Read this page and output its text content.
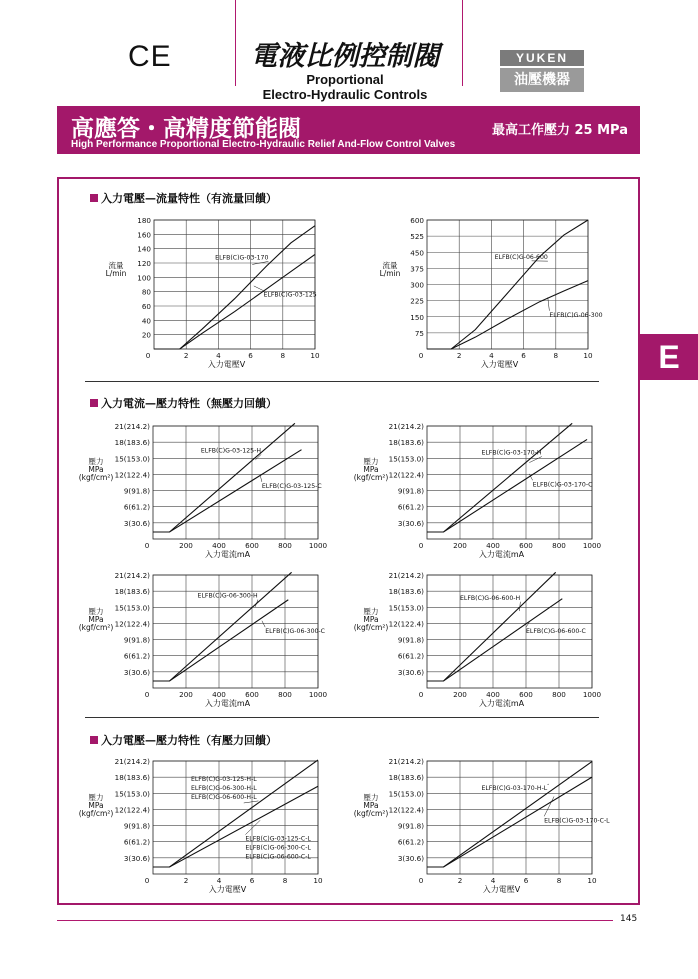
CE	電液比例控制閥
Proportional
Electro-Hydraulic Controls
YUKEN
油壓機器
高應答・高精度節能閥	最高工作壓力 25 MPa
High Performance Proportional Electro-Hydraulic Relief And-Flow Control Valves
E
入力電壓—流量特性（有流量回饋）
入力電流—壓力特性（無壓力回饋）
入力電壓—壓力特性（有壓力回饋）
20
40
60
80
100
120
140
160
180
2	4	6	8	10
0
入力電壓V
流量
L/min
ELFB(C)G-03-170
ELFB(C)G-03-125
75
150
225
300
375
450
525
600
2	4	6	8	10
0
入力電壓V
流量
L/min
ELFB(C)G-06-600
ELFB(C)G-06-300
3(30.6)
6(61.2)
9(91.8)
12(122.4)
15(153.0)
18(183.6)
21(214.2)
200	400	600	800 1000
0
入力電流mA
壓力
MPa
(kgf/cm²)
ELFB(C)G-03-125-H
ELFB(C)G-03-125-C
3(30.6)
6(61.2)
9(91.8)
12(122.4)
15(153.0)
18(183.6)
21(214.2)
200	400	600	800 1000
0
入力電流mA
壓力
MPa
(kgf/cm²)
ELFB(C)G-03-170-H
ELFB(C)G-03-170-C
3(30.6)
6(61.2)
9(91.8)
12(122.4)
15(153.0)
18(183.6)
21(214.2)
200	400	600	800 1000
0
入力電流mA
壓力
MPa
(kgf/cm²)
ELFB(C)G-06-300-H
ELFB(C)G-06-300-C
3(30.6)
6(61.2)
9(91.8)
12(122.4)
15(153.0)
18(183.6)
21(214.2)
200	400	600	800 1000
0
入力電流mA
壓力
MPa
(kgf/cm²)
ELFB(C)G-06-600-H
ELFB(C)G-06-600-C
3(30.6)
6(61.2)
9(91.8)
12(122.4)
15(153.0)
18(183.6)
21(214.2)
2	4	6	8	10
0
入力電壓V
壓力
MPa
(kgf/cm²)
ELFB(C)G-03-125-H-L
ELFB(C)G-06-300-H-L
ELFB(C)G-06-600-H-L
ELFB(C)G-03-125-C-L
ELFB(C)G-06-300-C-L
ELFB(C)G-06-600-C-L	3(30.6)
6(61.2)
9(91.8)
12(122.4)
15(153.0)
18(183.6)
21(214.2)
2	4	6	8	10
0
入力電壓V
壓力
MPa
(kgf/cm²)
ELFB(C)G-03-170-H-L
ELFB(C)G-03-170-C-L
145
